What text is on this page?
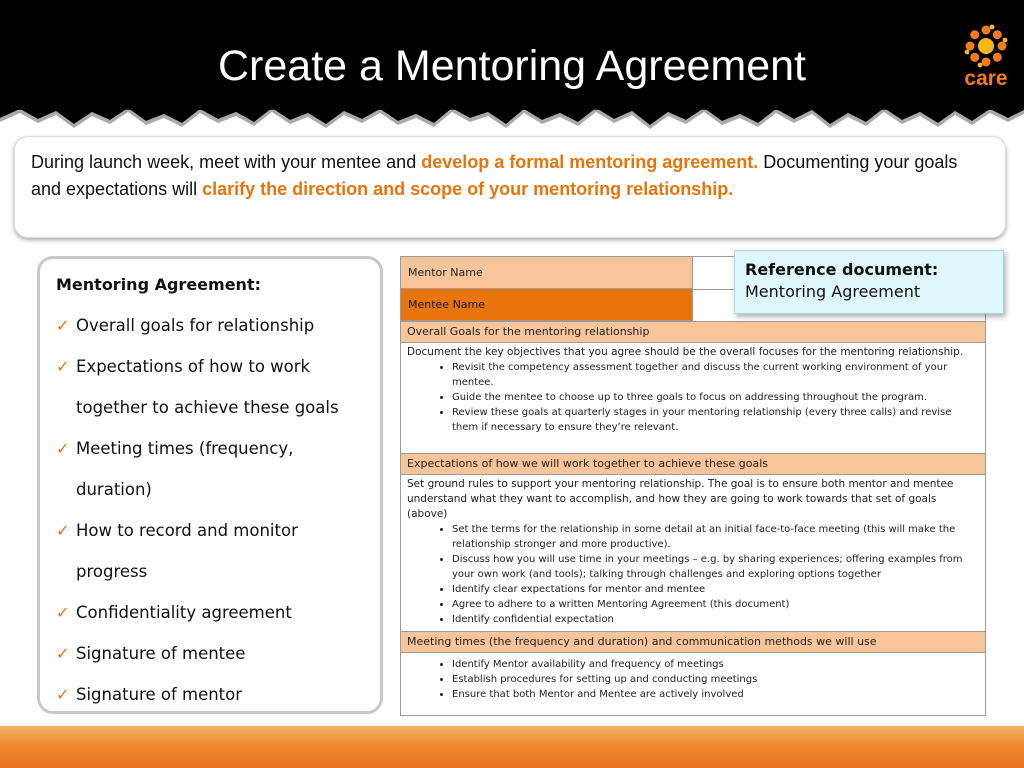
Create a Mentoring Agreement	care
During launch week, meet with your mentee and develop a formal mentoring agreement. Documenting your goals and expectations will clarify the direction and scope of your mentoring relationship.
Mentoring Agreement:
✓ Overall goals for relationship
✓ Expectations of how to work together to achieve these goals
✓ Meeting times (frequency, duration)
✓ How to record and monitor progress
✓ Confidentiality agreement
✓ Signature of mentee
✓ Signature of mentor
Mentor Name
Mentee Name
Overall Goals for the mentoring relationship

Document the key objectives that you agree should be the overall focuses for the mentoring relationship.

• Revisit the competency assessment together and discuss the current working environment of your mentee.
• Guide the mentee to choose up to three goals to focus on addressing throughout the program.
• Review these goals at quarterly stages in your mentoring relationship (every three calls) and revise them if necessary to ensure they’re relevant.
Expectations of how we will work together to achieve these goals

Set ground rules to support your mentoring relationship. The goal is to ensure both mentor and mentee understand what they want to accomplish, and how they are going to work towards that set of goals (above)

• Set the terms for the relationship in some detail at an initial face-to-face meeting (this will make the relationship stronger and more productive).
• Discuss how you will use time in your meetings – e.g. by sharing experiences; offering examples from your own work (and tools); talking through challenges and exploring options together
• Identify clear expectations for mentor and mentee
• Agree to adhere to a written Mentoring Agreement (this document)
• Identify confidential expectation
Meeting times (the frequency and duration) and communication methods we will use
• Identify Mentor availability and frequency of meetings
• Establish procedures for setting up and conducting meetings
• Ensure that both Mentor and Mentee are actively involved
Reference document:
Mentoring Agreement
